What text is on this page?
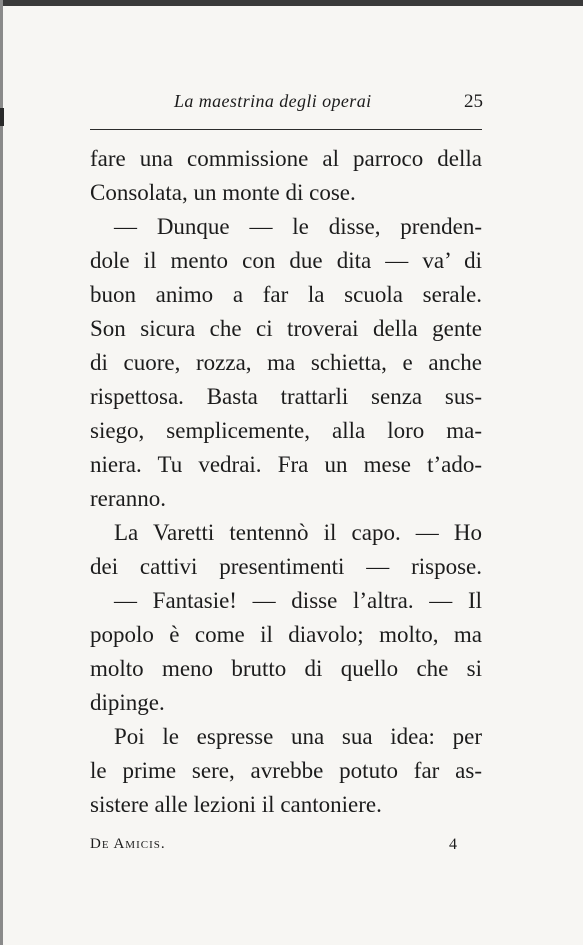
La maestrina degli operai	25
fare una commissione al parroco della
Consolata, un monte di cose.
— Dunque — le disse, prenden-
dole il mento con due dita — va’ di
buon animo a far la scuola serale.
Son sicura che ci troverai della gente
di cuore, rozza, ma schietta, e anche
rispettosa. Basta trattarli senza sus-
siego, semplicemente, alla loro ma-
niera. Tu vedrai. Fra un mese t’ado-
reranno.
La Varetti tentennò il capo. — Ho
dei cattivi presentimenti — rispose.
— Fantasie! — disse l’altra. — Il
popolo è come il diavolo; molto, ma
molto meno brutto di quello che si
dipinge.
Poi le espresse una sua idea: per
le prime sere, avrebbe potuto far as-
sistere alle lezioni il cantoniere.
De Amicis.	4
